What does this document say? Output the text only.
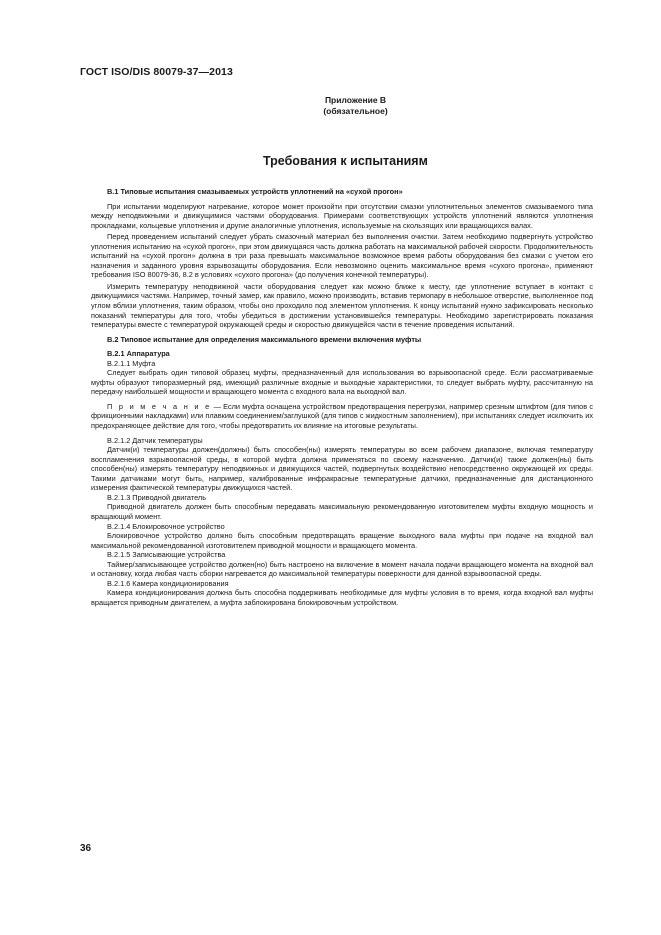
ГОСТ ISO/DIS 80079-37—2013
Приложение В
(обязательное)
Требования к испытаниям

В.1 Типовые испытания смазываемых устройств уплотнений на «сухой прогон»

При испытании моделируют нагревание, которое может произойти при отсутствии смазки уплотнительных элементов смазываемого типа между неподвижными и движущимися частями оборудования. Примерами соответствующих устройств уплотнений являются уплотнения прокладками, кольцевые уплотнения и другие аналогичные уплотнения, используемые на скользящих или вращающихся валах.

Перед проведением испытаний следует убрать смазочный материал без выполнения очистки. Затем необходимо подвергнуть устройство уплотнения испытанию на «сухой прогон», при этом движущаяся часть должна работать на максимальной рабочей скорости. Продолжительность испытаний на «сухой прогон» должна в три раза превышать максимальное возможное время работы оборудования без смазки с учетом его назначения и заданного уровня взрывозащиты оборудования. Если невозможно оценить максимальное время «сухого прогона», применяют требования ISO 80079-36, 8.2 в условиях «сухого прогона» (до получения конечной температуры).

Измерить температуру неподвижной части оборудования следует как можно ближе к месту, где уплотнение вступает в контакт с движущимися частями. Например, точный замер, как правило, можно производить, вставив термопару в небольшое отверстие, выполненное под углом вблизи уплотнения, таким образом, чтобы оно проходило под элементом уплотнения. К концу испытаний нужно зафиксировать несколько показаний температуры для того, чтобы убедиться в достижении установившейся температуры. Необходимо зарегистрировать показания температуры вместе с температурой окружающей среды и скоростью движущейся части в течение проведения испытаний.

В.2 Типовое испытание для определения максимального времени включения муфты

В.2.1 Аппаратура

В.2.1.1 Муфта

Следует выбрать один типовой образец муфты, предназначенный для использования во взрывоопасной среде. Если рассматриваемые муфты образуют типоразмерный ряд, имеющий различные входные и выходные характеристики, то следует выбрать муфту, рассчитанную на передачу наибольшей мощности и вращающего момента с входного вала на выходной вал.

П р и м е ч а н и е — Если муфта оснащена устройством предотвращения перегрузки, например срезным штифтом (для типов с фрикционными накладками) или плавким соединением/заглушкой (для типов с жидкостным заполнением), при испытаниях следует исключить их предохраняющее действие для того, чтобы предотвратить их влияние на итоговые результаты.

В.2.1.2 Датчик температуры

Датчик(и) температуры должен(должны) быть способен(ны) измерять температуры во всем рабочем диапазоне, включая температуру воспламенения взрывоопасной среды, в которой муфта должна применяться по своему назначению. Датчик(и) также должен(ны) быть способен(ны) измерять температуру неподвижных и движущихся частей, подвергнутых воздействию непосредственно окружающей их среды. Такими датчиками могут быть, например, калиброванные инфракрасные температурные датчики, предназначенные для дистанционного измерения фактической температуры движущихся частей.

В.2.1.3 Приводной двигатель

Приводной двигатель должен быть способным передавать максимальную рекомендованную изготовителем муфты входную мощность и вращающий момент.

В.2.1.4 Блокировочное устройство

Блокировочное устройство должно быть способным предотвращать вращение выходного вала муфты при подаче на входной вал максимальной рекомендованной изготовителем приводной мощности и вращающего момента.

В.2.1.5 Записывающие устройства

Таймер/записывающее устройство должен(но) быть настроено на включение в момент начала подачи вращающего момента на входной вал и остановку, когда любая часть сборки нагревается до максимальной температуры поверхности для данной взрывоопасной среды.

В.2.1.6 Камера кондиционирования

Камера кондиционирования должна быть способна поддерживать необходимые для муфты условия в то время, когда входной вал муфты вращается приводным двигателем, а муфта заблокирована блокировочным устройством.

36
